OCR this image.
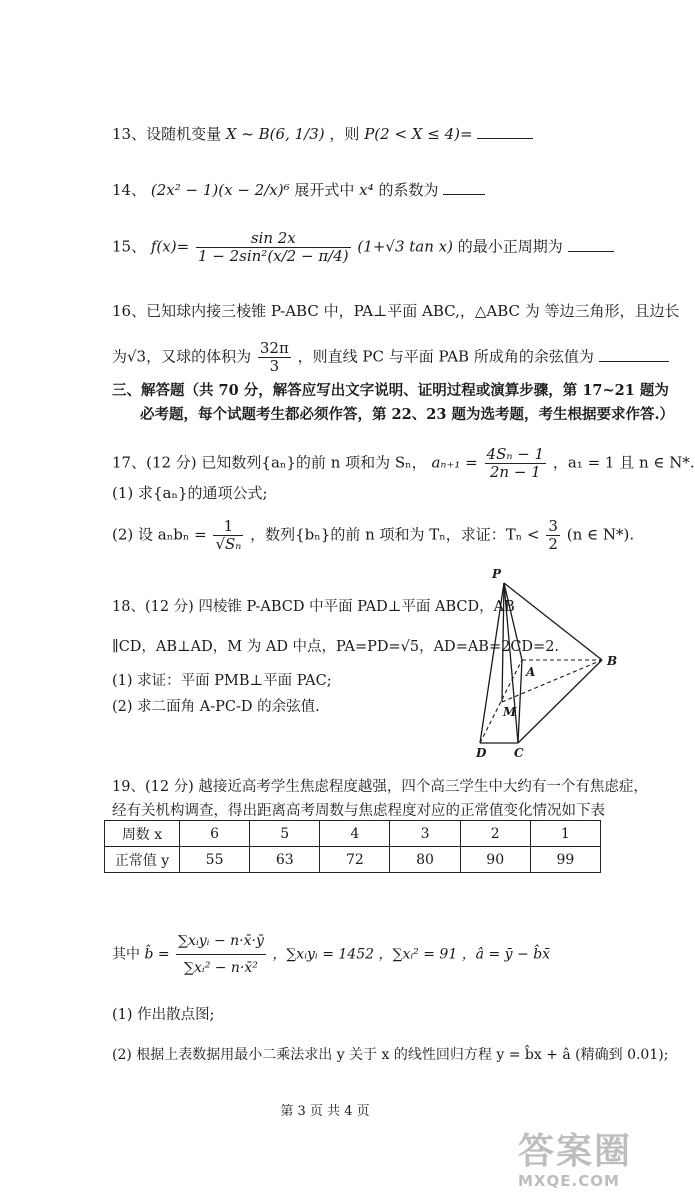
13、设随机变量 X ~ B(6, 1/3) ，则 P(2 < X ≤ 4)=
14、 (2x² − 1)(x − 2/x)⁶ 展开式中 x⁴ 的系数为
15、 $f(x)= \frac{\sin 2x}{\text{1 − 2sin²(x/2 − π/4)}} (1+√3$ tan x) 的最小正周期为
16、已知球内接三棱锥 P-ABC 中，PA⊥平面 ABC,，△ABC 为 等边三角形，且边长
为√3，又球的体积为 $\frac{32\pi}{3}$ ，则直线 PC 与平面 PAB 所成角的余弦值为
三、解答题（共 70 分，解答应写出文字说明、证明过程或演算步骤，第 17~21 题为
必考题，每个试题考生都必须作答，第 22、23 题为选考题，考生根据要求作答.）
17、(12 分) 已知数列{aₙ}的前 n 项和为 Sₙ， $a_{n+1} = \frac{\text{4Sₙ − 1}}{2n - 1}$ ，a₁ = 1 且 n ∈ N*.
(1) 求{aₙ}的通项公式;
(2) 设 $a_nb_n = \frac{1}{\text{√Sₙ}}$ ，数列{bₙ}的前 n 项和为 Tₙ，求证：$T_n < \frac{3}{2} (n$ ∈ N*).
18、(12 分) 四棱锥 P-ABCD 中平面 PAD⊥平面 ABCD，AB
∥CD，AB⊥AD，M 为 AD 中点，PA=PD=√5，AD=AB=2CD=2.
(1) 求证：平面 PMB⊥平面 PAC;
(2) 求二面角 A-PC-D 的余弦值.
P
A
B
M
D C
19、(12 分) 越接近高考学生焦虑程度越强，四个高三学生中大约有一个有焦虑症，
经有关机构调查，得出距离高考周数与焦虑程度对应的正常值变化情况如下表
周数 x	6	5	4	3	2	1
正常值 y	55	63	72	80	90	99
其中 b̂ = $\frac{\text{∑xᵢyᵢ − n·x̄·ȳ}}{\text{∑xᵢ² − n·x̄²}}$ ，∑xᵢyᵢ = 1452 ，∑xᵢ² = 91 ，â = ȳ − b̂x̄
(1) 作出散点图;
(2) 根据上表数据用最小二乘法求出 y 关于 x 的线性回归方程 y = b̂x + â (精确到 0.01);
第 3 页 共 4 页
答案圈
MXQE.COM
